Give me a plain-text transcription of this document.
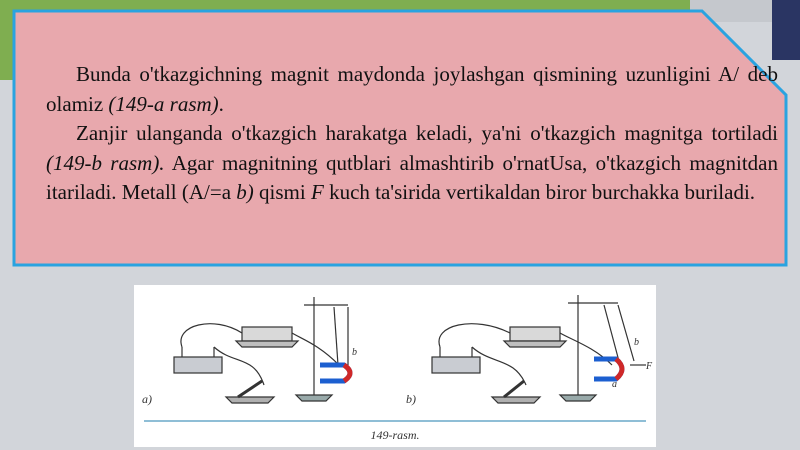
Bunda o'tkazgichning magnit maydonda joylashgan qismining uzunligini A/ deb olamiz (149-a rasm).

Zanjir ulanganda o'tkazgich harakatga keladi, ya'ni o'tkazgich magnitga tortiladi (149-b rasm). Agar magnitning qutblari almashtirib o'rnatUsa, o'tkazgich magnitdan itariladi. Metall (A/=a b) qismi F kuch ta'sirida vertikaldan biror burchakka buriladi.

a)	b)
b
b
a
F
149-rasm.
